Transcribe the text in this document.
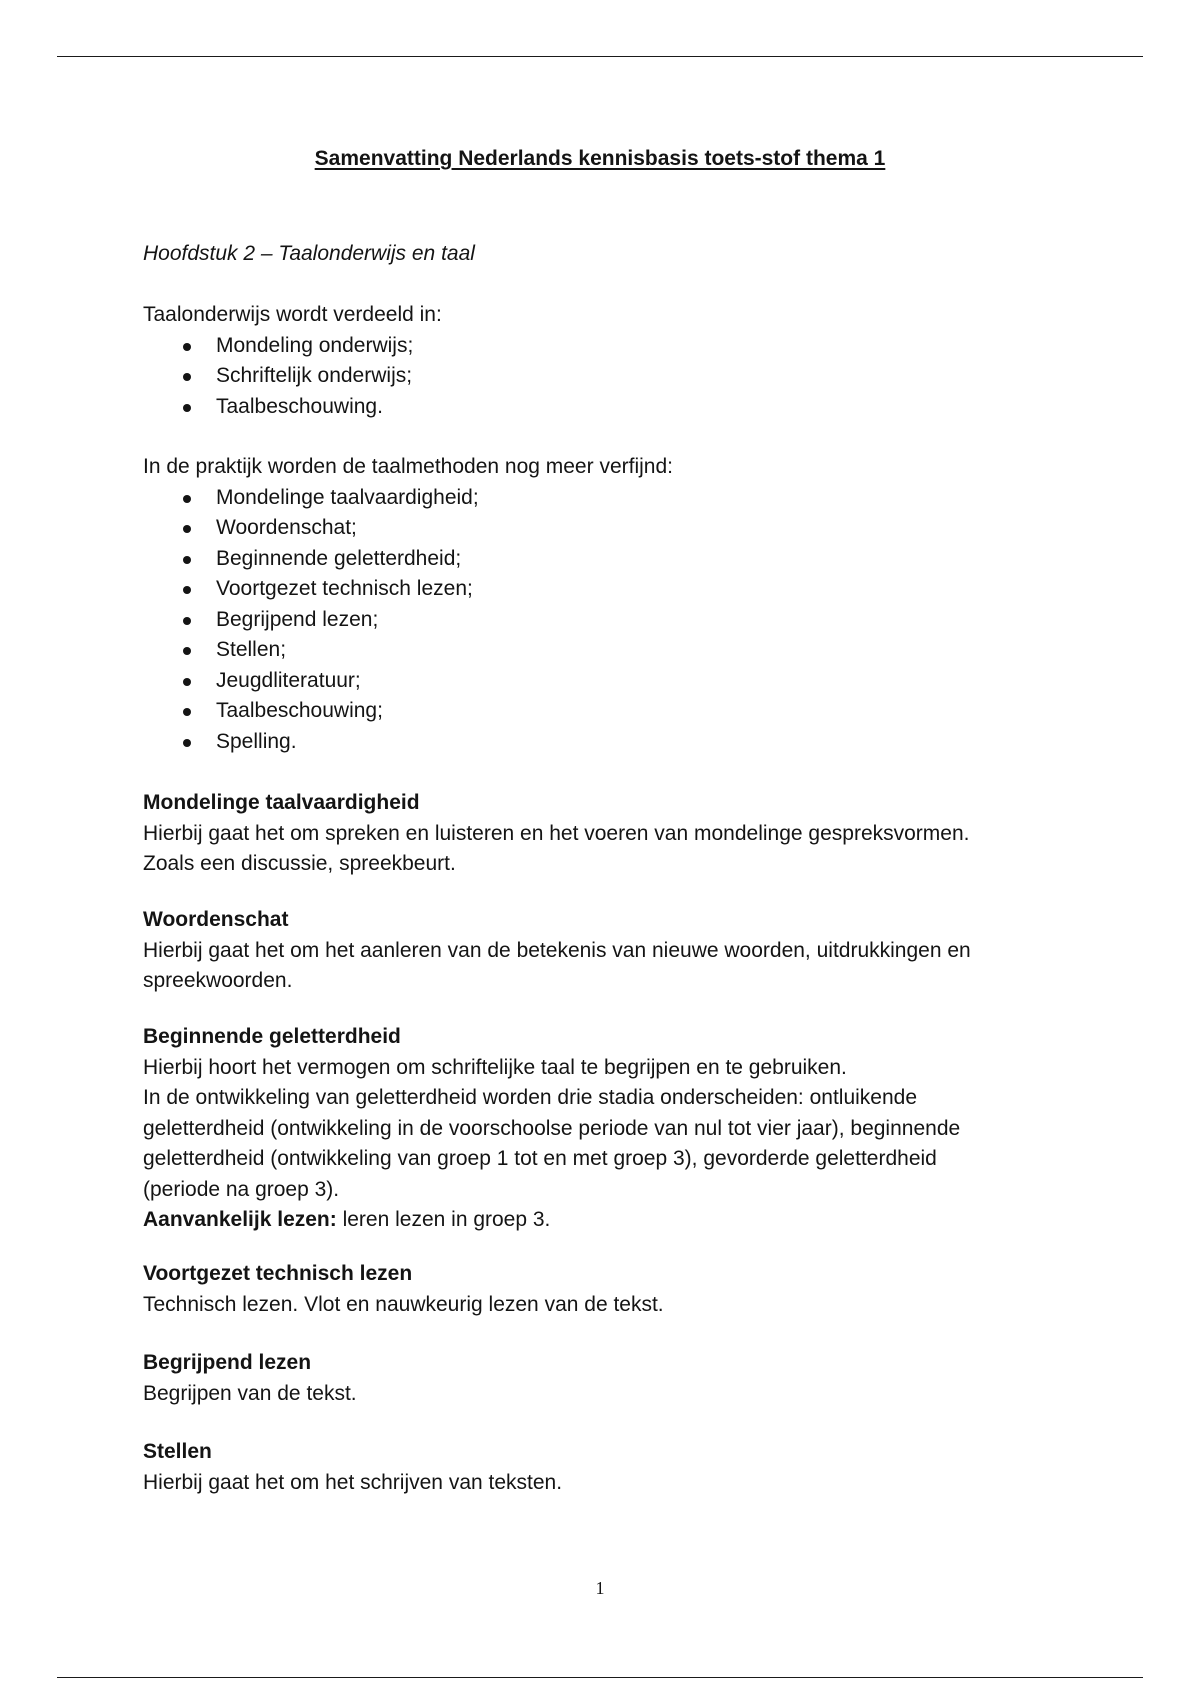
Samenvatting Nederlands kennisbasis toets-stof thema 1
Hoofdstuk 2 – Taalonderwijs en taal

Taalonderwijs wordt verdeeld in:

Mondeling onderwijs;
Schriftelijk onderwijs;
Taalbeschouwing.

In de praktijk worden de taalmethoden nog meer verfijnd:

Mondelinge taalvaardigheid;
Woordenschat;
Beginnende geletterdheid;
Voortgezet technisch lezen;
Begrijpend lezen;
Stellen;
Jeugdliteratuur;
Taalbeschouwing;
Spelling.

Mondelinge taalvaardigheid

Hierbij gaat het om spreken en luisteren en het voeren van mondelinge gespreksvormen.

Zoals een discussie, spreekbeurt.

Woordenschat

Hierbij gaat het om het aanleren van de betekenis van nieuwe woorden, uitdrukkingen en

spreekwoorden.

Beginnende geletterdheid

Hierbij hoort het vermogen om schriftelijke taal te begrijpen en te gebruiken.

In de ontwikkeling van geletterdheid worden drie stadia onderscheiden: ontluikende

geletterdheid (ontwikkeling in de voorschoolse periode van nul tot vier jaar), beginnende

geletterdheid (ontwikkeling van groep 1 tot en met groep 3), gevorderde geletterdheid

(periode na groep 3).

Aanvankelijk lezen: leren lezen in groep 3.

Voortgezet technisch lezen

Technisch lezen. Vlot en nauwkeurig lezen van de tekst.

Begrijpend lezen

Begrijpen van de tekst.

Stellen

Hierbij gaat het om het schrijven van teksten.

1
